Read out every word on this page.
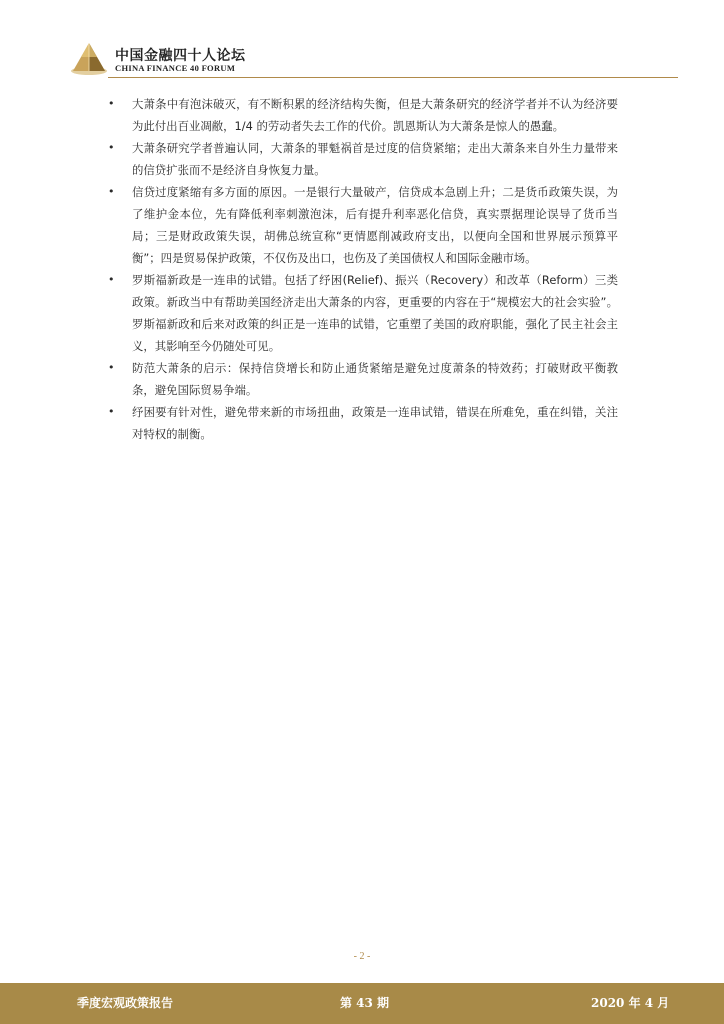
中国金融四十人论坛
CHINA FINANCE 40 FORUM
•	大萧条中有泡沫破灭，有不断积累的经济结构失衡，但是大萧条研究的经济学者并不认为经济要为此付出百业凋敝，1/4 的劳动者失去工作的代价。凯恩斯认为大萧条是惊人的愚蠢。
•	大萧条研究学者普遍认同，大萧条的罪魁祸首是过度的信贷紧缩；走出大萧条来自外生力量带来的信贷扩张而不是经济自身恢复力量。
•	信贷过度紧缩有多方面的原因。一是银行大量破产，信贷成本急剧上升；二是货币政策失误，为了维护金本位，先有降低利率刺激泡沫，后有提升利率恶化信贷，真实票据理论误导了货币当局；三是财政政策失误，胡佛总统宣称“更情愿削减政府支出，以便向全国和世界展示预算平衡”；四是贸易保护政策，不仅伤及出口，也伤及了美国债权人和国际金融市场。
•	罗斯福新政是一连串的试错。包括了纾困(Relief)、振兴（Recovery）和改革（Reform）三类政策。新政当中有帮助美国经济走出大萧条的内容，更重要的内容在于“规模宏大的社会实验”。罗斯福新政和后来对政策的纠正是一连串的试错，它重塑了美国的政府职能，强化了民主社会主义，其影响至今仍随处可见。
•	防范大萧条的启示：保持信贷增长和防止通货紧缩是避免过度萧条的特效药；打破财政平衡教条，避免国际贸易争端。
•	纾困要有针对性，避免带来新的市场扭曲，政策是一连串试错，错误在所难免，重在纠错，关注对特权的制衡。
- 2 -
季度宏观政策报告	第 43 期	2020 年 4 月
